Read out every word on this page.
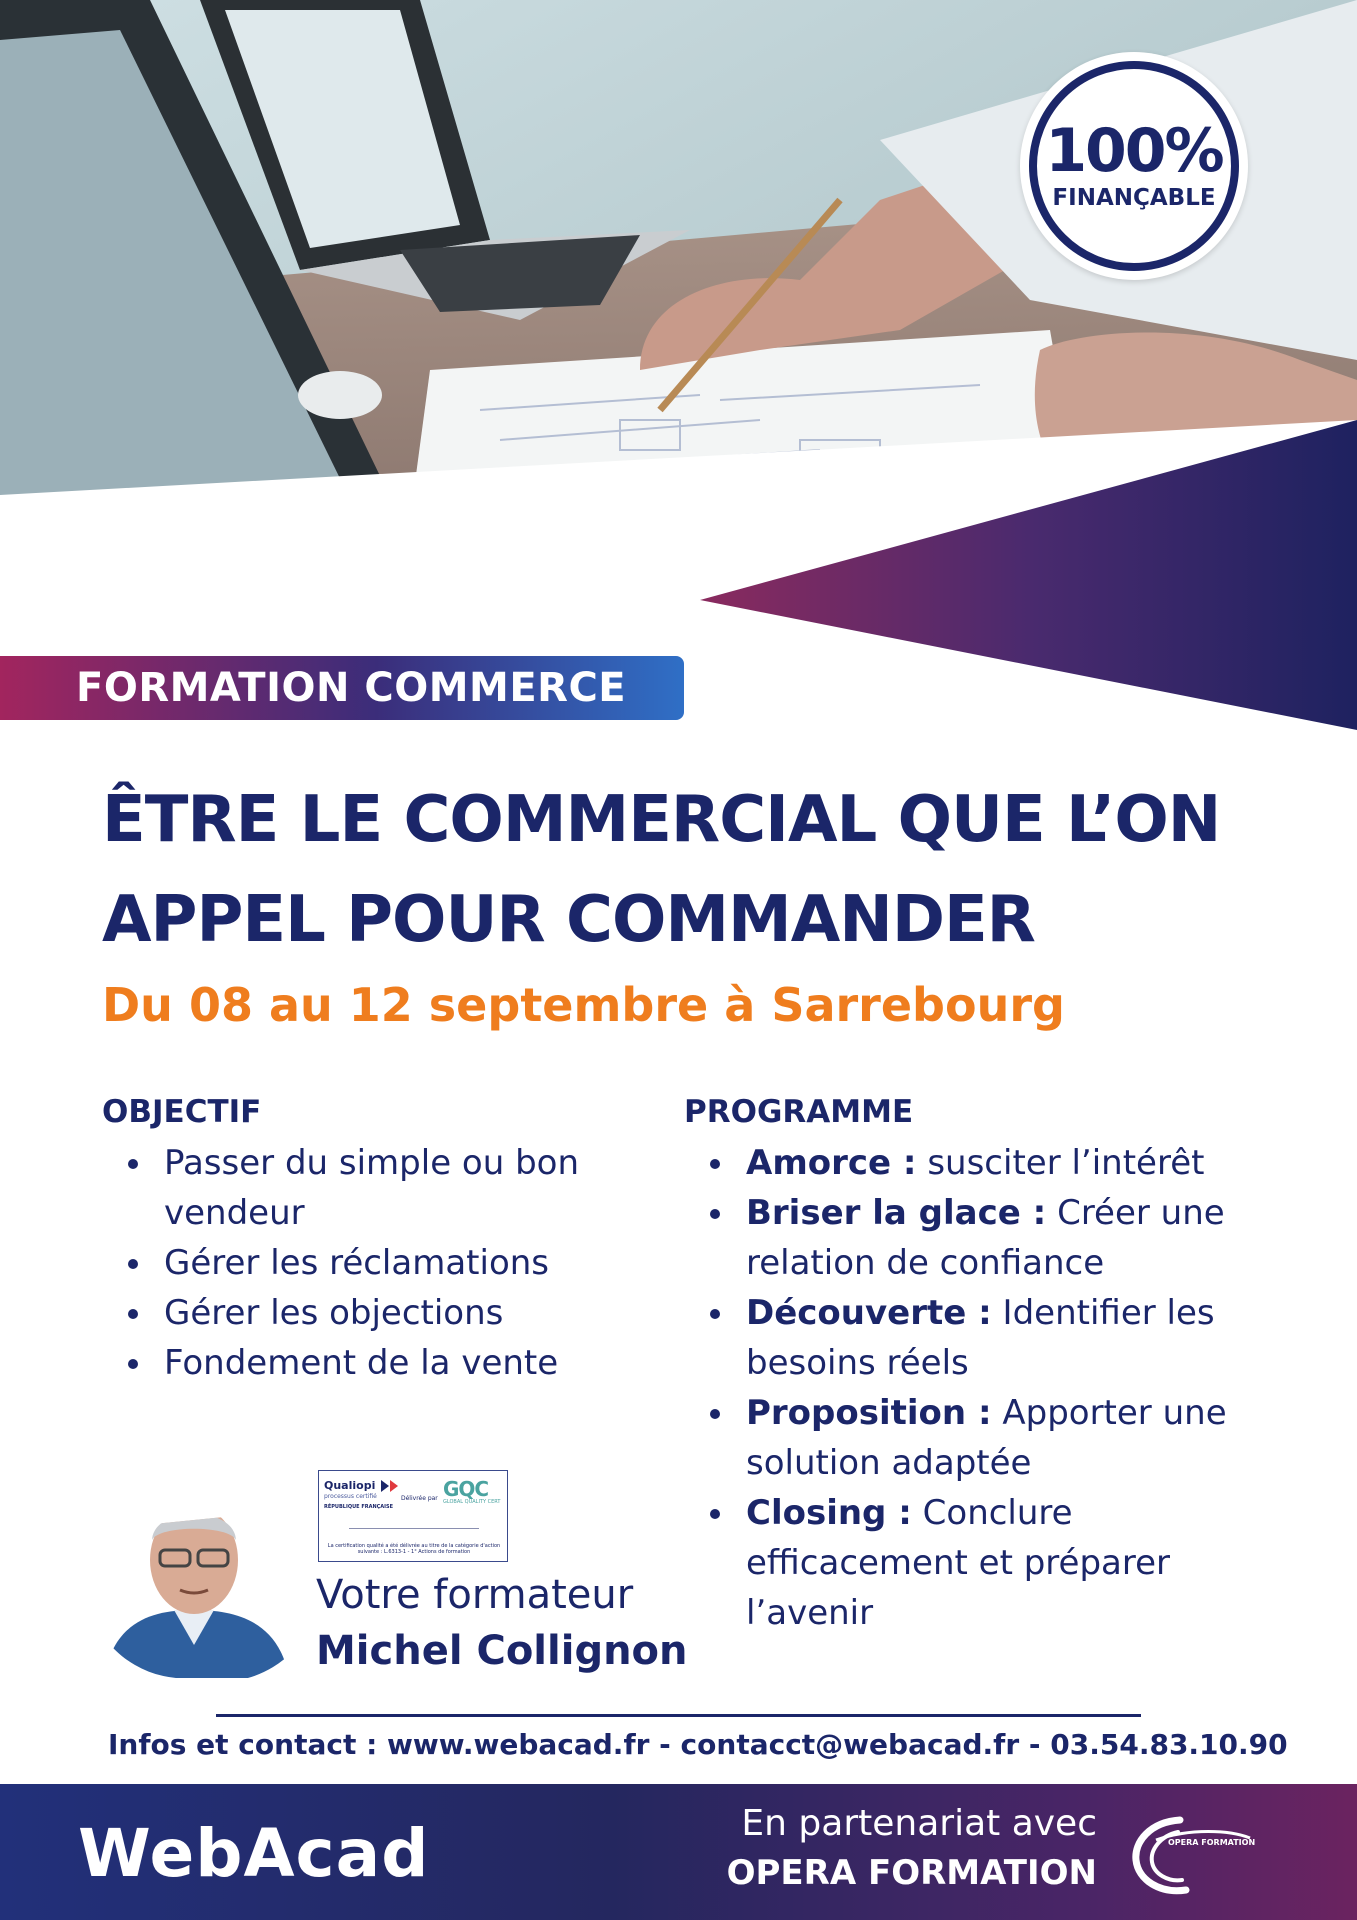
100%
FINANÇABLE
FORMATION COMMERCE
ÊTRE LE COMMERCIAL QUE L’ON
APPEL POUR COMMANDER

Du 08 au 12 septembre à Sarrebourg

OBJECTIF
Passer du simple ou bon vendeur
Gérer les réclamations
Gérer les objections
Fondement de la vente
PROGRAMME
Amorce : susciter l’intérêt
Briser la glace : Créer une relation de confiance
Découverte : Identifier les besoins réels
Proposition : Apporter une solution adaptée
Closing : Conclure efficacement et préparer l’avenir
Qualiopi
processus certifié	Délivrée par
RÉPUBLIQUE FRANÇAISE
GQC
GLOBAL QUALITY CERT
La certification qualité a été délivrée au titre de la catégorie d'action suivante : L.6313-1 - 1° Actions de formation

Votre formateur

Michel Collignon

Infos et contact : www.webacad.fr - contacct@webacad.fr - 03.54.83.10.90

WebAcad	En partenariat avec

OPERA FORMATION

OPERA FORMATION
